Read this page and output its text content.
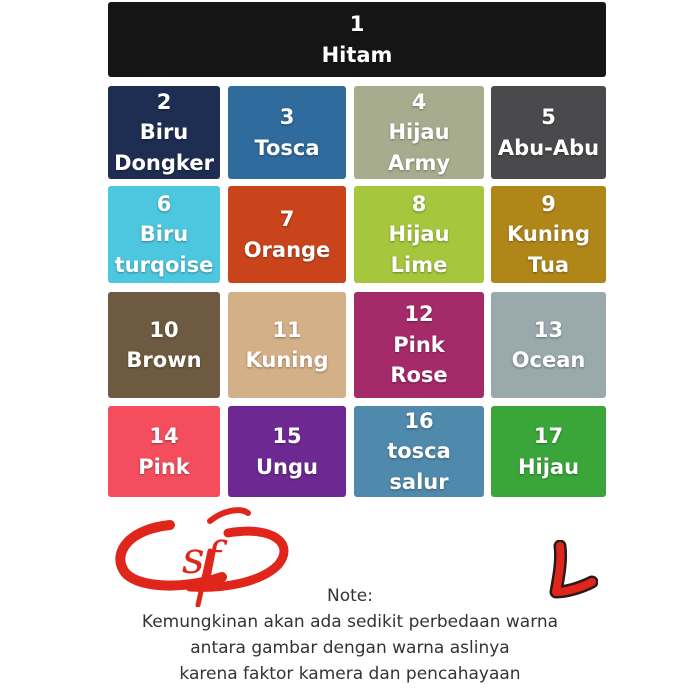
1
Hitam
2
Biru
Dongker
3
Tosca
4
Hijau
Army
5
Abu-Abu
6
Biru
turqoise
7
Orange
8
Hijau
Lime
9
Kuning
Tua
10
Brown
11
Kuning
12
Pink
Rose
13
Ocean
14
Pink
15
Ungu
16
tosca
salur
17
Hijau
sf	L
Note:
Kemungkinan akan ada sedikit perbedaan warna
antara gambar dengan warna aslinya
karena faktor kamera dan pencahayaan
